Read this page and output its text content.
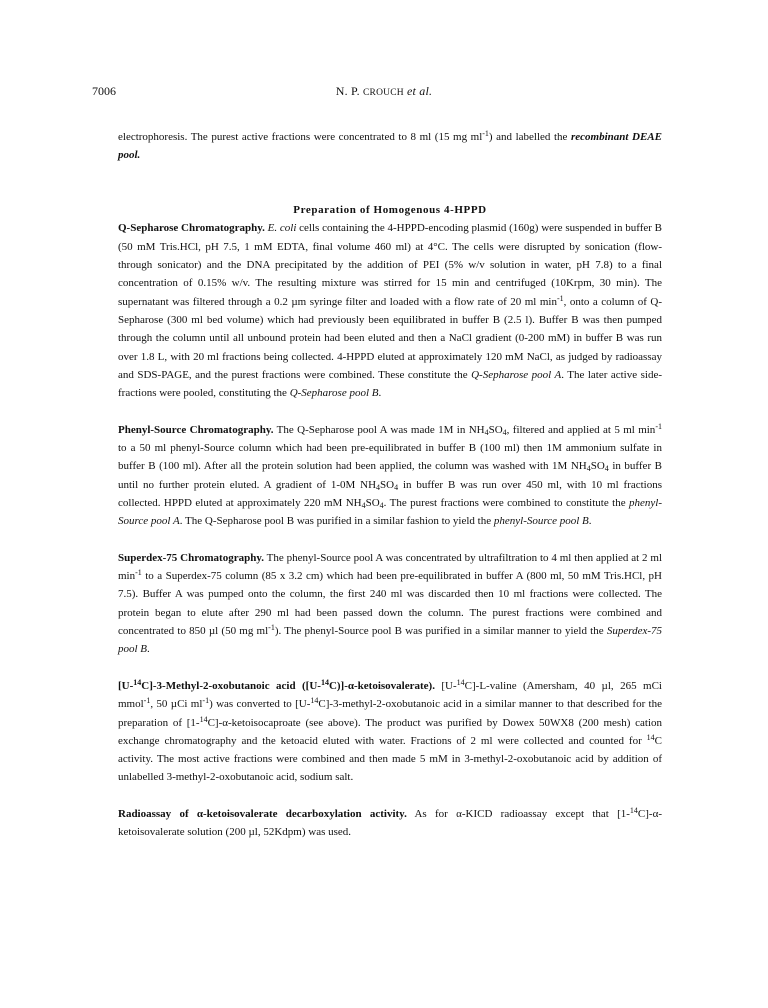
7006	N. P. CROUCH et al.

electrophoresis. The purest active fractions were concentrated to 8 ml (15 mg $ml^{-1}$) and labelled the recombinant DEAE pool.

Preparation of Homogenous 4-HPPD

Q-Sepharose Chromatography. E. coli cells containing the 4-HPPD-encoding plasmid (160g) were suspended in buffer B (50 mM Tris.HCl, pH 7.5, 1 mM EDTA, final volume 460 ml) at 4°C. The cells were disrupted by sonication (flow-through sonicator) and the DNA precipitated by the addition of PEI (5% w/v solution in water, pH 7.8) to a final concentration of 0.15% w/v. The resulting mixture was stirred for 15 min and centrifuged (10Krpm, 30 min). The supernatant was filtered through a 0.2 µm syringe filter and loaded with a flow rate of 20 ml $\min^{-1}$, onto a column of Q-Sepharose (300 ml bed volume) which had previously been equilibrated in buffer B (2.5 l). Buffer B was then pumped through the column until all unbound protein had been eluted and then a NaCl gradient (0-200 mM) in buffer B was run over 1.8 L, with 20 ml fractions being collected. 4-HPPD eluted at approximately 120 mM NaCl, as judged by radioassay and SDS-PAGE, and the purest fractions were combined. These constitute the Q-Sepharose pool A. The later active side-fractions were pooled, constituting the Q-Sepharose pool B.

Phenyl-Source Chromatography. The Q-Sepharose pool A was made 1M in $NH_4SO_4$, filtered and applied at 5 ml $\min^{-1}$ to a 50 ml phenyl-Source column which had been pre-equilibrated in buffer B (100 ml) then 1M ammonium sulfate in buffer B (100 ml). After all the protein solution had been applied, the column was washed with 1M $NH_4SO_4$ in buffer B until no further protein eluted. A gradient of 1-0M $NH_4SO_4$ in buffer B was run over 450 ml, with 10 ml fractions collected. HPPD eluted at approximately 220 mM $NH_4SO_4$. The purest fractions were combined to constitute the phenyl-Source pool A. The Q-Sepharose pool B was purified in a similar fashion to yield the phenyl-Source pool B.

Superdex-75 Chromatography. The phenyl-Source pool A was concentrated by ultrafiltration to 4 ml then applied at 2 ml $\min^{-1}$ to a Superdex-75 column (85 x 3.2 cm) which had been pre-equilibrated in buffer A (800 ml, 50 mM Tris.HCl, pH 7.5). Buffer A was pumped onto the column, the first 240 ml was discarded then 10 ml fractions were collected. The protein began to elute after 290 ml had been passed down the column. The purest fractions were combined and concentrated to 850 µl (50 mg $ml^{-1}$). The phenyl-Source pool B was purified in a similar manner to yield the Superdex-75 pool B.

[U-$^{14}$C]-3-Methyl-2-oxobutanoic acid ([U-$^{14}$C)]-α-ketoisovalerate). [U-$^{14}$C]-L-valine (Amersham, 40 µl, 265 mCi mmol$^{-1}$, 50 µCi $ml^{-1}$) was converted to [U-$^{14}$C]-3-methyl-2-oxobutanoic acid in a similar manner to that described for the preparation of [1-$^{14}$C]-α-ketoisocaproate (see above). The product was purified by Dowex 50WX8 (200 mesh) cation exchange chromatography and the ketoacid eluted with water. Fractions of 2 ml were collected and counted for $^{14}$C activity. The most active fractions were combined and then made 5 mM in 3-methyl-2-oxobutanoic acid by addition of unlabelled 3-methyl-2-oxobutanoic acid, sodium salt.

Radioassay of α-ketoisovalerate decarboxylation activity. As for α-KICD radioassay except that [1-$^{14}$C]-α-ketoisovalerate solution (200 µl, 52Kdpm) was used.
